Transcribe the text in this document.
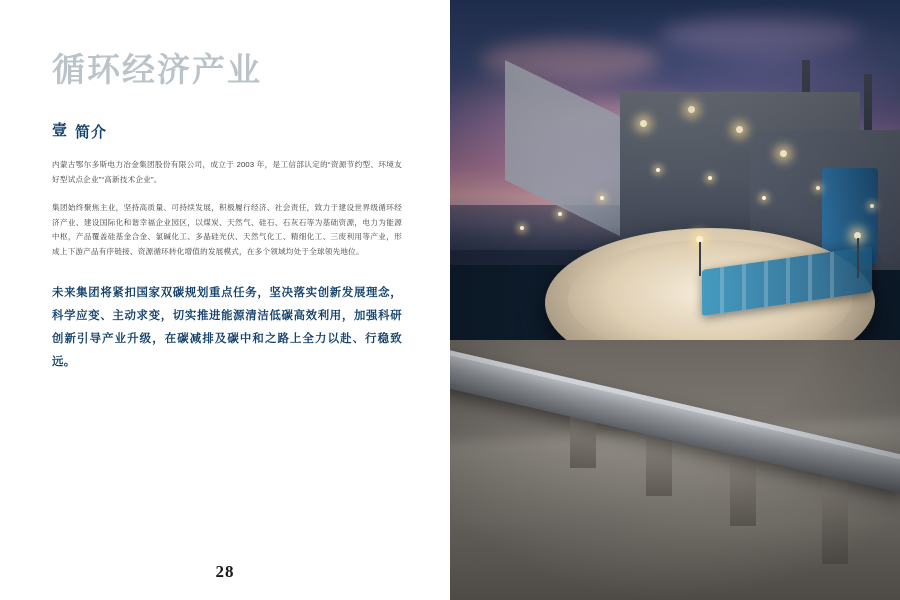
循环经济产业
壹 简介

内蒙古鄂尔多斯电力冶金集团股份有限公司，成立于 2003 年，是工信部认定的“资源节约型、环境友好型试点企业”“高新技术企业”。

集团始终聚焦主业，坚持高质量、可持续发展，积极履行经济、社会责任，致力于建设世界级循环经济产业、建设国际化和谐幸福企业园区，以煤炭、天然气、硅石、石灰石等为基础资源，电力为能源中枢，产品覆盖硅基金合金、氯碱化工、多晶硅光伏、天然气化工、精细化工、三废利用等产业，形成上下游产品有序链接、资源循环转化增值的发展模式，在多个领域均处于全球领先地位。

未来集团将紧扣国家双碳规划重点任务，坚决落实创新发展理念，科学应变、主动求变，切实推进能源清洁低碳高效利用，加强科研创新引导产业升级，在碳减排及碳中和之路上全力以赴、行稳致远。

28
